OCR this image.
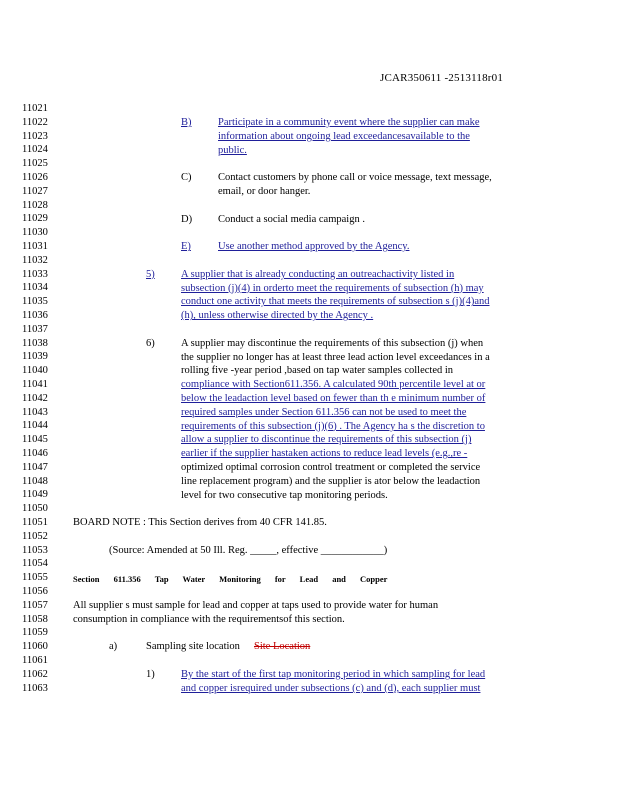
JCAR350611 -2513118r01
11021
11022
11023
11024
11025
11026
11027
11028
11029
11030
11031
11032
11033
11034
11035
11036
11037
11038
11039
11040
11041
11042
11043
11044
11045
11046
11047
11048
11049
11050
11051
11052
11053
11054
11055
11056
11057
11058
11059
11060
11061
11062
11063
B)	Participate in a community event where the supplier can make
information about ongoing lead exceedancesavailable to the
public.
C)	Contact customers by phone call or voice message, text message,
email, or door hanger.
D) Conduct a social media campaign .
E)	Use another method approved by the Agency.
5)	A supplier that is already conducting an outreachactivity listed in
subsection (j)(4) in orderto meet the requirements of subsection (h) may
conduct one activity that meets the requirements of subsection s (j)(4)and
(h), unless otherwise directed by the Agency .
6)	A supplier may discontinue the requirements of this subsection (j) when
the supplier no longer has at least three lead action level exceedances in a
rolling five -year period ,based on tap water samples collected in
compliance with Section611.356. A calculated 90th percentile level at or
below the leadaction level based on fewer than th e minimum number of
required samples under Section 611.356 can not be used to meet the
requirements of this subsection (j)(6) . The Agency ha s the discretion to
allow a supplier to discontinue the requirements of this subsection (j)
earlier if the supplier hastaken actions to reduce lead levels (e.g.,re -
optimized optimal corrosion control treatment or completed the service
line replacement program) and the supplier is ator below the leadaction
level for two consecutive tap monitoring periods.
BOARD NOTE : This Section derives from 40 CFR 141.85.
(Source: Amended at 50 Ill. Reg. _____, effective ____________)
Section 611.356 Tap Water Monitoring for Lead and Copper
All supplier s must sample for lead and copper at taps used to provide water for human
consumption in compliance with the requirementsof this section.
a)	Sampling site location Site Location
1)	By the start of the first tap monitoring period in which sampling for lead
and copper isrequired under subsections (c) and (d), each supplier must
